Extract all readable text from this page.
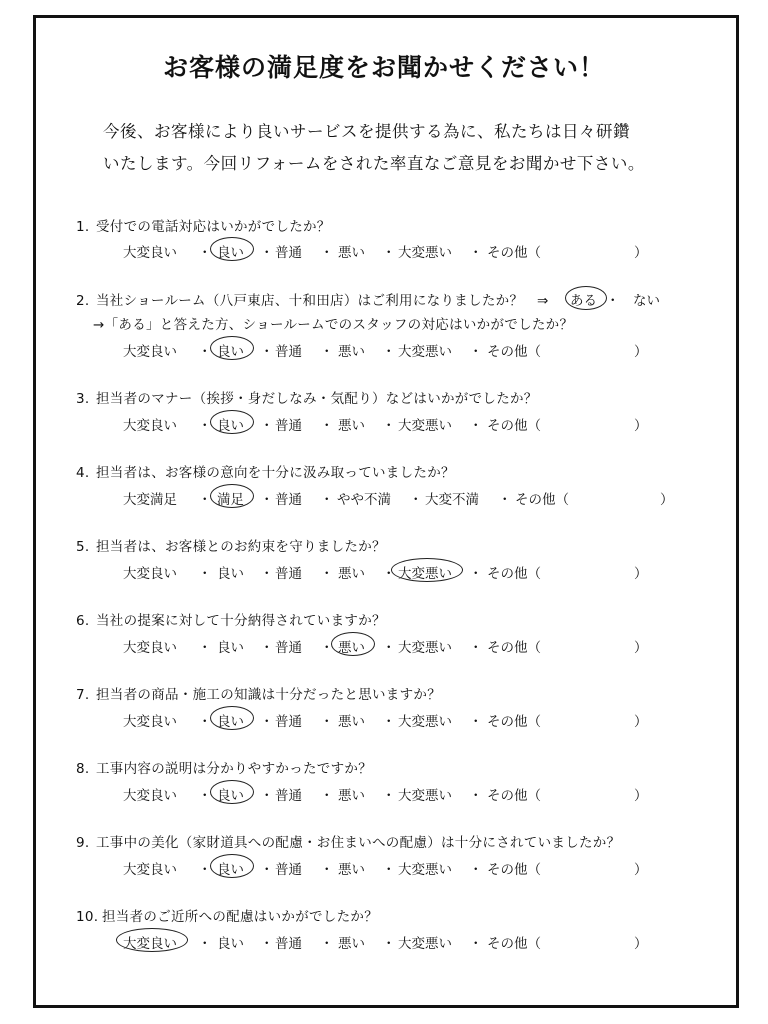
お客様の満足度をお聞かせください！
今後、お客様により良いサービスを提供する為に、私たちは日々研鑽
いたします。今回リフォームをされた率直なご意見をお聞かせ下さい。
1. 受付での電話対応はいかがでしたか？
大変良い ・ 良い ・ 普通 ・ 悪い ・ 大変悪い ・ その他（	）
2. 当社ショールーム（八戸東店、十和田店）はご利用になりましたか？　⇒ ある ・ ない
→「ある」と答えた方、ショールームでのスタッフの対応はいかがでしたか？
大変良い ・ 良い ・ 普通 ・ 悪い ・ 大変悪い ・ その他（	）
3. 担当者のマナー（挨拶・身だしなみ・気配り）などはいかがでしたか？
大変良い ・ 良い ・ 普通 ・ 悪い ・ 大変悪い ・ その他（	）
4. 担当者は、お客様の意向を十分に汲み取っていましたか？
大変満足 ・ 満足 ・ 普通 ・ やや不満 ・ 大変不満 ・ その他（	）
5. 担当者は、お客様とのお約束を守りましたか？
大変良い ・ 良い ・ 普通 ・ 悪い ・ 大変悪い ・ その他（	）
6. 当社の提案に対して十分納得されていますか？
大変良い ・ 良い ・ 普通 ・ 悪い ・ 大変悪い ・ その他（	）
7. 担当者の商品・施工の知識は十分だったと思いますか？
大変良い ・ 良い ・ 普通 ・ 悪い ・ 大変悪い ・ その他（	）
8. 工事内容の説明は分かりやすかったですか？
大変良い ・ 良い ・ 普通 ・ 悪い ・ 大変悪い ・ その他（	）
9. 工事中の美化（家財道具への配慮・お住まいへの配慮）は十分にされていましたか？
大変良い ・ 良い ・ 普通 ・ 悪い ・ 大変悪い ・ その他（	）
10. 担当者のご近所への配慮はいかがでしたか？
大変良い ・ 良い ・ 普通 ・ 悪い ・ 大変悪い ・ その他（	）
